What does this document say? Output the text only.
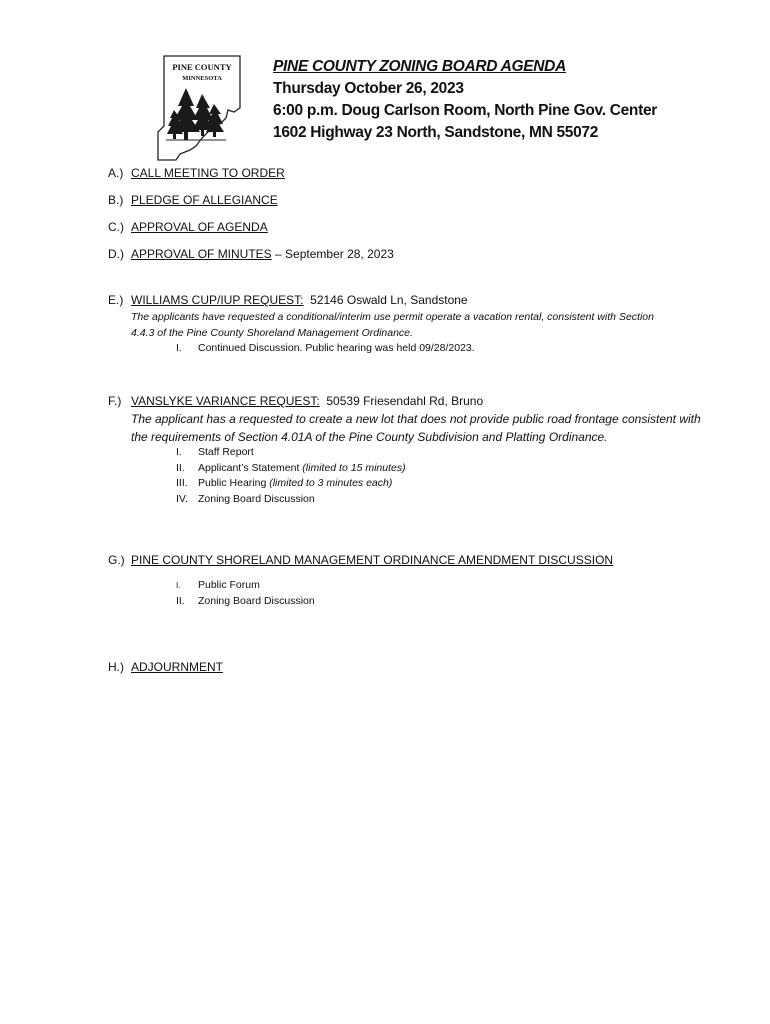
PINE COUNTY
MINNESOTA
PINE COUNTY ZONING BOARD AGENDA
Thursday October 26, 2023
6:00 p.m. Doug Carlson Room, North Pine Gov. Center
1602 Highway 23 North, Sandstone, MN 55072
A.) CALL MEETING TO ORDER
B.) PLEDGE OF ALLEGIANCE
C.) APPROVAL OF AGENDA
D.) APPROVAL OF MINUTES – September 28, 2023
E.) WILLIAMS CUP/IUP REQUEST:  52146 Oswald Ln, Sandstone
The applicants have requested a conditional/interim use permit operate a vacation rental, consistent with Section
4.4.3 of the Pine County Shoreland Management Ordinance.
I. Continued Discussion. Public hearing was held 09/28/2023.
F.) VANSLYKE VARIANCE REQUEST:  50539 Friesendahl Rd, Bruno
The applicant has a requested to create a new lot that does not provide public road frontage consistent with
the requirements of Section 4.01A of the Pine County Subdivision and Platting Ordinance.
I. Staff Report
II. Applicant’s Statement (limited to 15 minutes)
III. Public Hearing (limited to 3 minutes each)
IV. Zoning Board Discussion
G.) PINE COUNTY SHORELAND MANAGEMENT ORDINANCE AMENDMENT DISCUSSION
I. Public Forum
II. Zoning Board Discussion
H.) ADJOURNMENT
